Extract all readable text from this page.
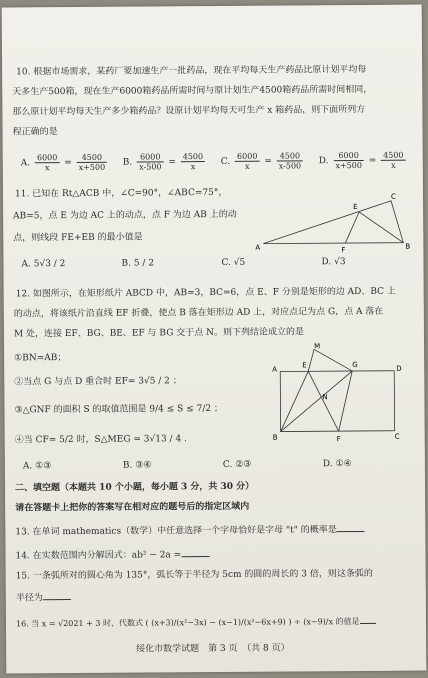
10. 根据市场需求，某药厂要加速生产一批药品，现在平均每天生产药品比原计划平均每
天多生产500箱，现在生产6000箱药品所需时间与原计划生产4500箱药品所需时间相同，
那么原计划平均每天生产多少箱药品？设原计划平均每天可生产 x 箱药品，则下面所列方
程正确的是
A. $\frac{6000}{x} = \frac{4500}{x+500} B$. $\frac{6000}{x-500} = \frac{4500}{x} C$. $\frac{6000}{x} = \frac{4500}{x-500} D$. $\frac{6000}{x+500} = \frac{4500}{x}$
11. 已知在 Rt△ACB 中，∠C=90°，∠ABC=75°，
AB=5，点 E 为边 AC 上的动点，点 F 为边 AB 上的动
点，则线段 FE+EB 的最小值是
A	B
C
E
F
A. 5√3 / 2	B. 5 / 2	C. √5	D. √3
12. 如图所示，在矩形纸片 ABCD 中，AB=3，BC=6，点 E、F 分别是矩形的边 AD、BC 上
的动点，将该纸片沿直线 EF 折叠，使点 B 落在矩形边 AD 上，对应点记为点 G，点 A 落在
M 处，连接 EF、BG、BE、EF 与 BG 交于点 N。则下列结论成立的是
①BN=AB；
②当点 G 与点 D 重合时 EF= 3√5 / 2 ；
③△GNF 的面积 S 的取值范围是 9/4 ≤ S ≤ 7/2 ；
④当 CF= 5/2 时，S△MEG = 3√13 / 4 .
A
B	C
D
E
F
G
M
N
A. ①③	B. ③④	C. ②③	D. ①④
二、填空题（本题共 10 个小题，每小题 3 分，共 30 分）
请在答题卡上把你的答案写在相对应的题号后的指定区域内
13. 在单词 mathematics（数学）中任意选择一个字母恰好是字母 "t" 的概率是
14. 在实数范围内分解因式：ab² − 2a =
15. 一条弧所对的圆心角为 135°，弧长等于半径为 5cm 的圆的周长的 3 倍，则这条弧的
半径为
16. 当 x = √2021 + 3 时，代数式 ( (x+3)/(x²−3x) − (x−1)/(x²−6x+9) ) ÷ (x−9)/x 的值是
绥化市数学试题　第 3 页　（共 8 页）
